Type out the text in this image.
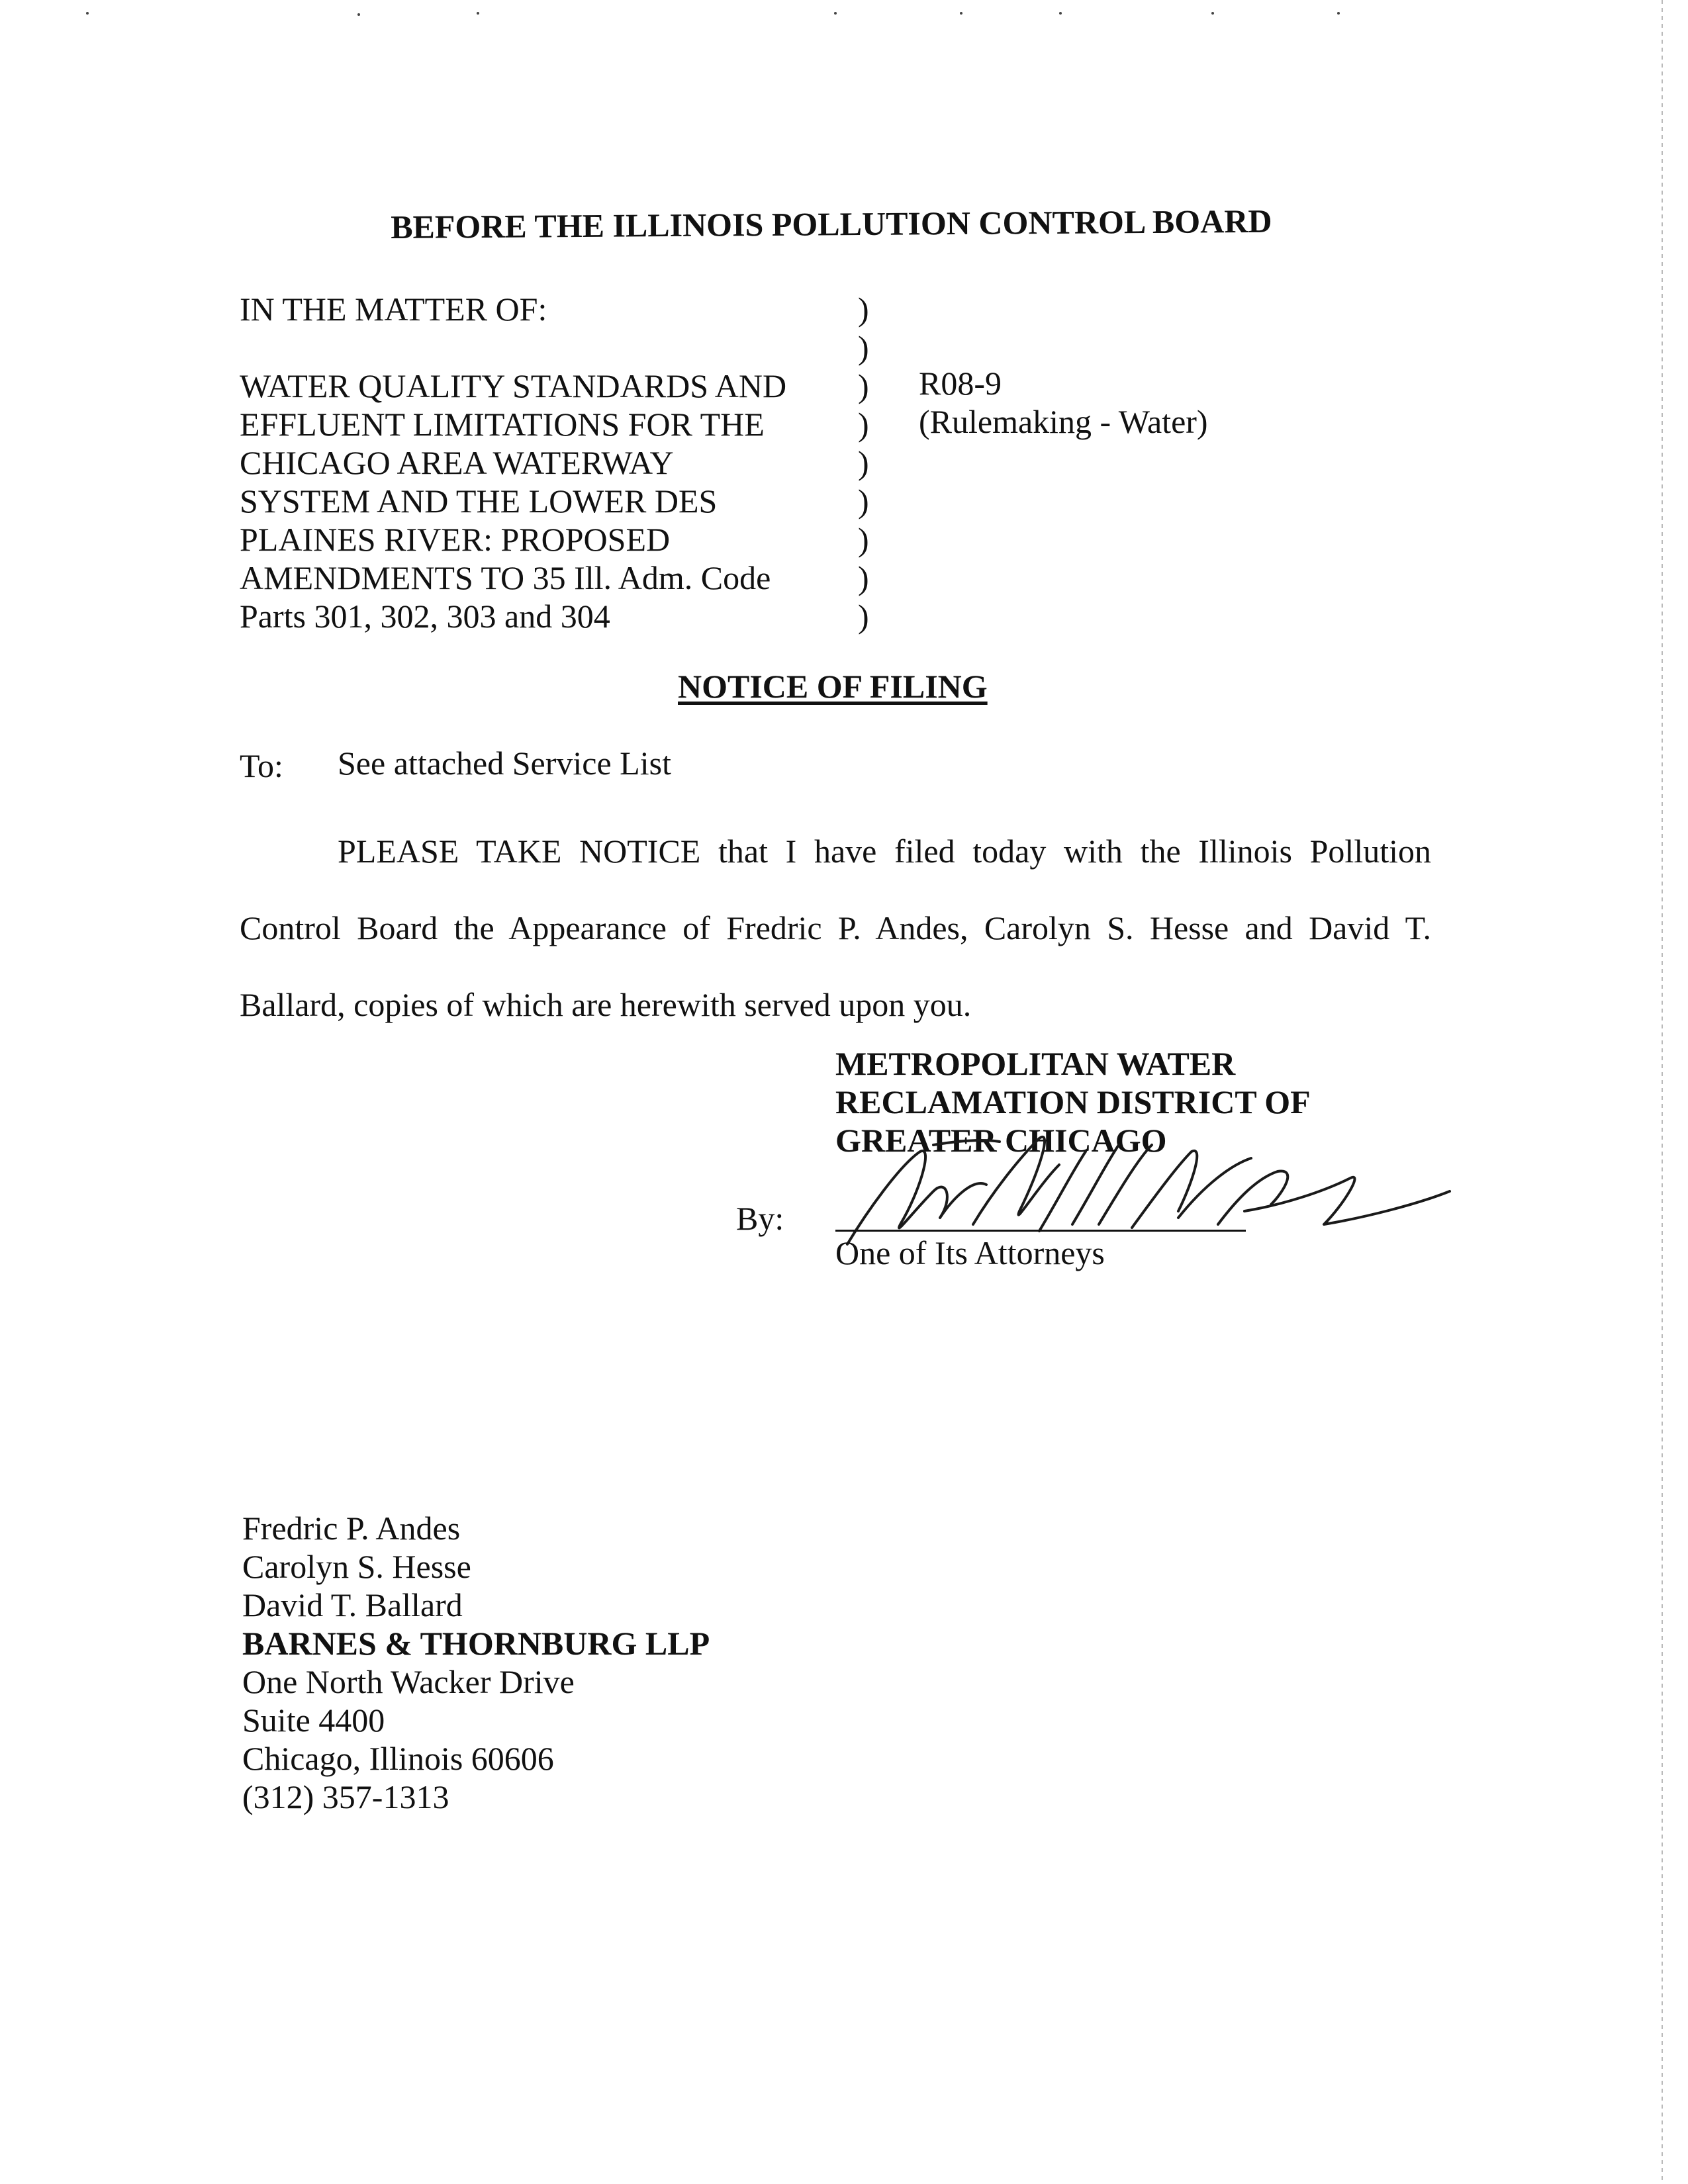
BEFORE THE ILLINOIS POLLUTION CONTROL BOARD
IN THE MATTER OF:
WATER QUALITY STANDARDS AND
EFFLUENT LIMITATIONS FOR THE
CHICAGO AREA WATERWAY
SYSTEM AND THE LOWER DES
PLAINES RIVER: PROPOSED
AMENDMENTS TO 35 Ill. Adm. Code
Parts 301, 302, 303 and 304
)
)
)
)
)
)
)
)
)
R08-9
(Rulemaking - Water)
NOTICE OF FILING
To: See attached Service List
PLEASE TAKE NOTICE that I have filed today with the Illinois Pollution Control Board the Appearance of Fredric P. Andes, Carolyn S. Hesse and David T. Ballard, copies of which are herewith served upon you.
METROPOLITAN WATER
RECLAMATION DISTRICT OF
GREATER CHICAGO
By:
One of Its Attorneys
Fredric P. Andes
Carolyn S. Hesse
David T. Ballard
BARNES & THORNBURG LLP
One North Wacker Drive
Suite 4400
Chicago, Illinois 60606
(312) 357-1313
